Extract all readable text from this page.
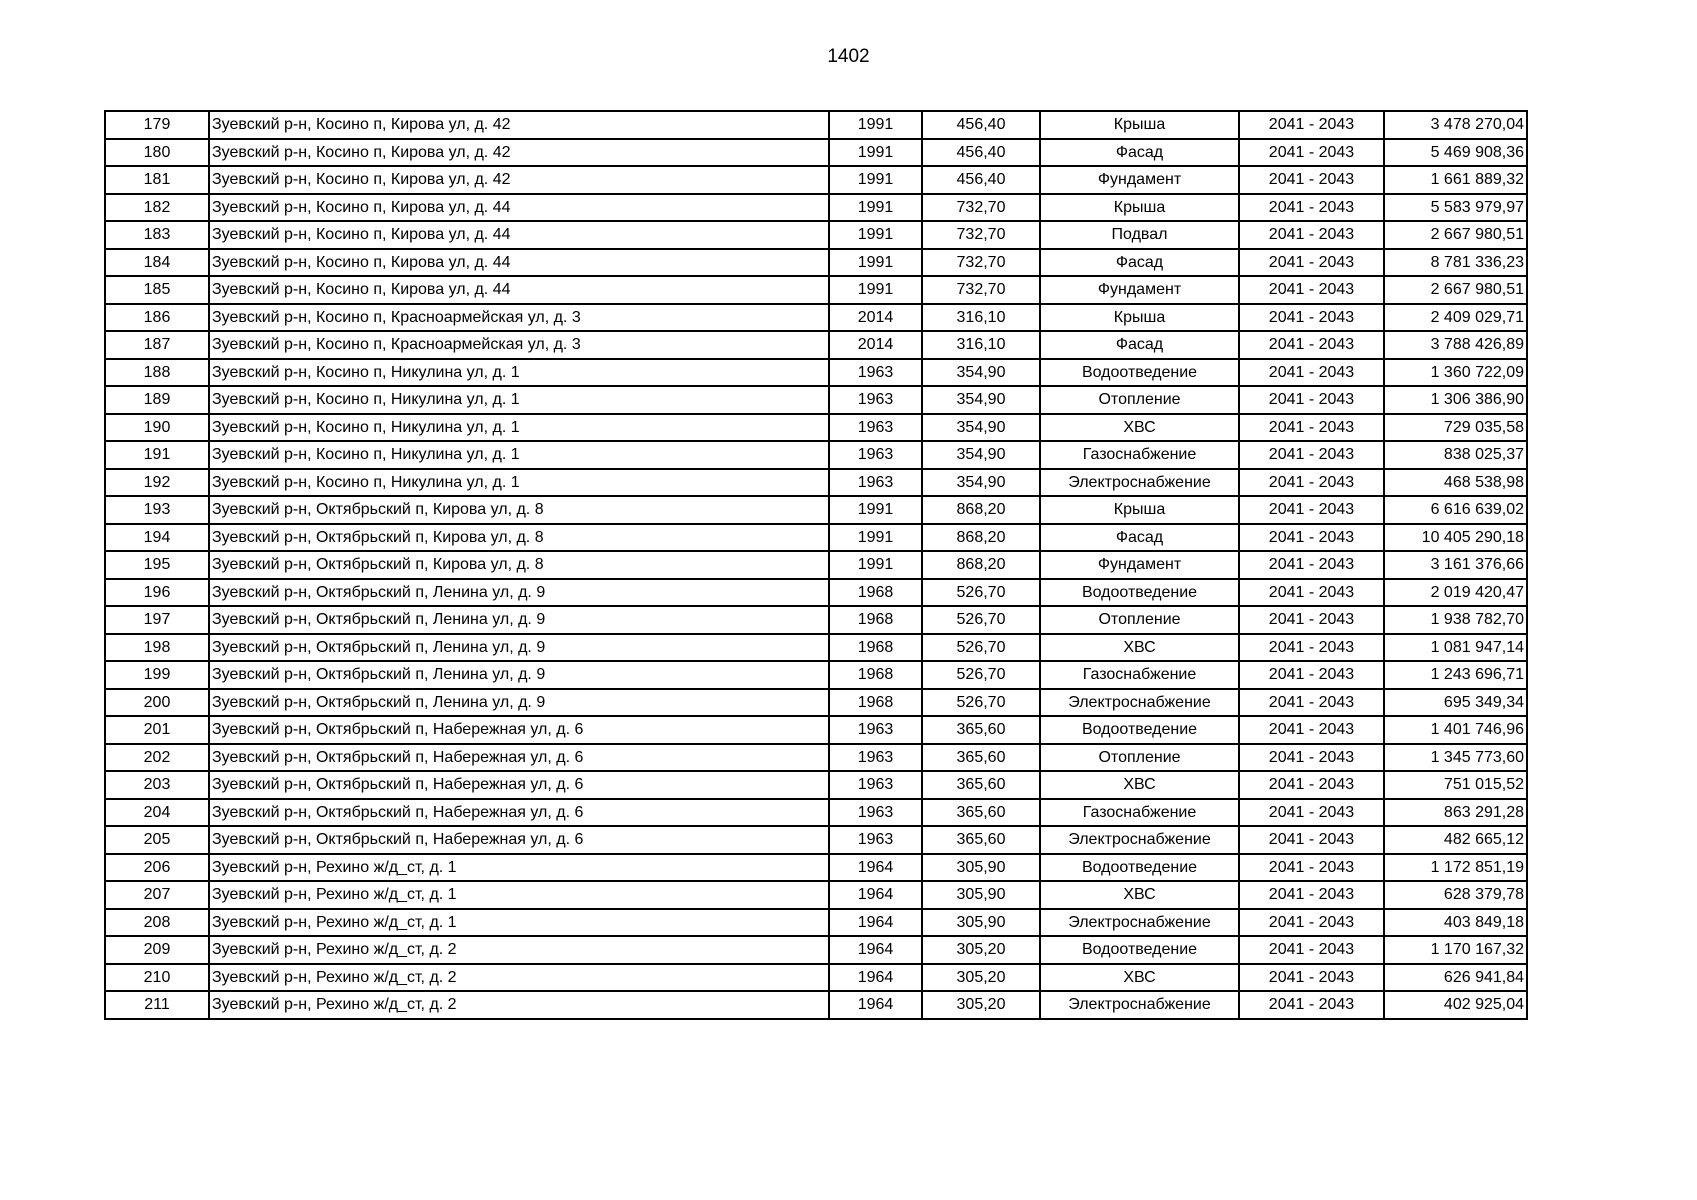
1402
179	Зуевский р-н, Косино п, Кирова ул, д. 42	1991	456,40	Крыша	2041 - 2043	3 478 270,04
180	Зуевский р-н, Косино п, Кирова ул, д. 42	1991	456,40	Фасад	2041 - 2043	5 469 908,36
181	Зуевский р-н, Косино п, Кирова ул, д. 42	1991	456,40	Фундамент	2041 - 2043	1 661 889,32
182	Зуевский р-н, Косино п, Кирова ул, д. 44	1991	732,70	Крыша	2041 - 2043	5 583 979,97
183	Зуевский р-н, Косино п, Кирова ул, д. 44	1991	732,70	Подвал	2041 - 2043	2 667 980,51
184	Зуевский р-н, Косино п, Кирова ул, д. 44	1991	732,70	Фасад	2041 - 2043	8 781 336,23
185	Зуевский р-н, Косино п, Кирова ул, д. 44	1991	732,70	Фундамент	2041 - 2043	2 667 980,51
186	Зуевский р-н, Косино п, Красноармейская ул, д. 3	2014	316,10	Крыша	2041 - 2043	2 409 029,71
187	Зуевский р-н, Косино п, Красноармейская ул, д. 3	2014	316,10	Фасад	2041 - 2043	3 788 426,89
188	Зуевский р-н, Косино п, Никулина ул, д. 1	1963	354,90	Водоотведение	2041 - 2043	1 360 722,09
189	Зуевский р-н, Косино п, Никулина ул, д. 1	1963	354,90	Отопление	2041 - 2043	1 306 386,90
190	Зуевский р-н, Косино п, Никулина ул, д. 1	1963	354,90	ХВС	2041 - 2043	729 035,58
191	Зуевский р-н, Косино п, Никулина ул, д. 1	1963	354,90	Газоснабжение	2041 - 2043	838 025,37
192	Зуевский р-н, Косино п, Никулина ул, д. 1	1963	354,90	Электроснабжение	2041 - 2043	468 538,98
193	Зуевский р-н, Октябрьский п, Кирова ул, д. 8	1991	868,20	Крыша	2041 - 2043	6 616 639,02
194	Зуевский р-н, Октябрьский п, Кирова ул, д. 8	1991	868,20	Фасад	2041 - 2043	10 405 290,18
195	Зуевский р-н, Октябрьский п, Кирова ул, д. 8	1991	868,20	Фундамент	2041 - 2043	3 161 376,66
196	Зуевский р-н, Октябрьский п, Ленина ул, д. 9	1968	526,70	Водоотведение	2041 - 2043	2 019 420,47
197	Зуевский р-н, Октябрьский п, Ленина ул, д. 9	1968	526,70	Отопление	2041 - 2043	1 938 782,70
198	Зуевский р-н, Октябрьский п, Ленина ул, д. 9	1968	526,70	ХВС	2041 - 2043	1 081 947,14
199	Зуевский р-н, Октябрьский п, Ленина ул, д. 9	1968	526,70	Газоснабжение	2041 - 2043	1 243 696,71
200	Зуевский р-н, Октябрьский п, Ленина ул, д. 9	1968	526,70	Электроснабжение	2041 - 2043	695 349,34
201	Зуевский р-н, Октябрьский п, Набережная ул, д. 6	1963	365,60	Водоотведение	2041 - 2043	1 401 746,96
202	Зуевский р-н, Октябрьский п, Набережная ул, д. 6	1963	365,60	Отопление	2041 - 2043	1 345 773,60
203	Зуевский р-н, Октябрьский п, Набережная ул, д. 6	1963	365,60	ХВС	2041 - 2043	751 015,52
204	Зуевский р-н, Октябрьский п, Набережная ул, д. 6	1963	365,60	Газоснабжение	2041 - 2043	863 291,28
205	Зуевский р-н, Октябрьский п, Набережная ул, д. 6	1963	365,60	Электроснабжение	2041 - 2043	482 665,12
206	Зуевский р-н, Рехино ж/д_ст, д. 1	1964	305,90	Водоотведение	2041 - 2043	1 172 851,19
207	Зуевский р-н, Рехино ж/д_ст, д. 1	1964	305,90	ХВС	2041 - 2043	628 379,78
208	Зуевский р-н, Рехино ж/д_ст, д. 1	1964	305,90	Электроснабжение	2041 - 2043	403 849,18
209	Зуевский р-н, Рехино ж/д_ст, д. 2	1964	305,20	Водоотведение	2041 - 2043	1 170 167,32
210	Зуевский р-н, Рехино ж/д_ст, д. 2	1964	305,20	ХВС	2041 - 2043	626 941,84
211	Зуевский р-н, Рехино ж/д_ст, д. 2	1964	305,20	Электроснабжение	2041 - 2043	402 925,04
